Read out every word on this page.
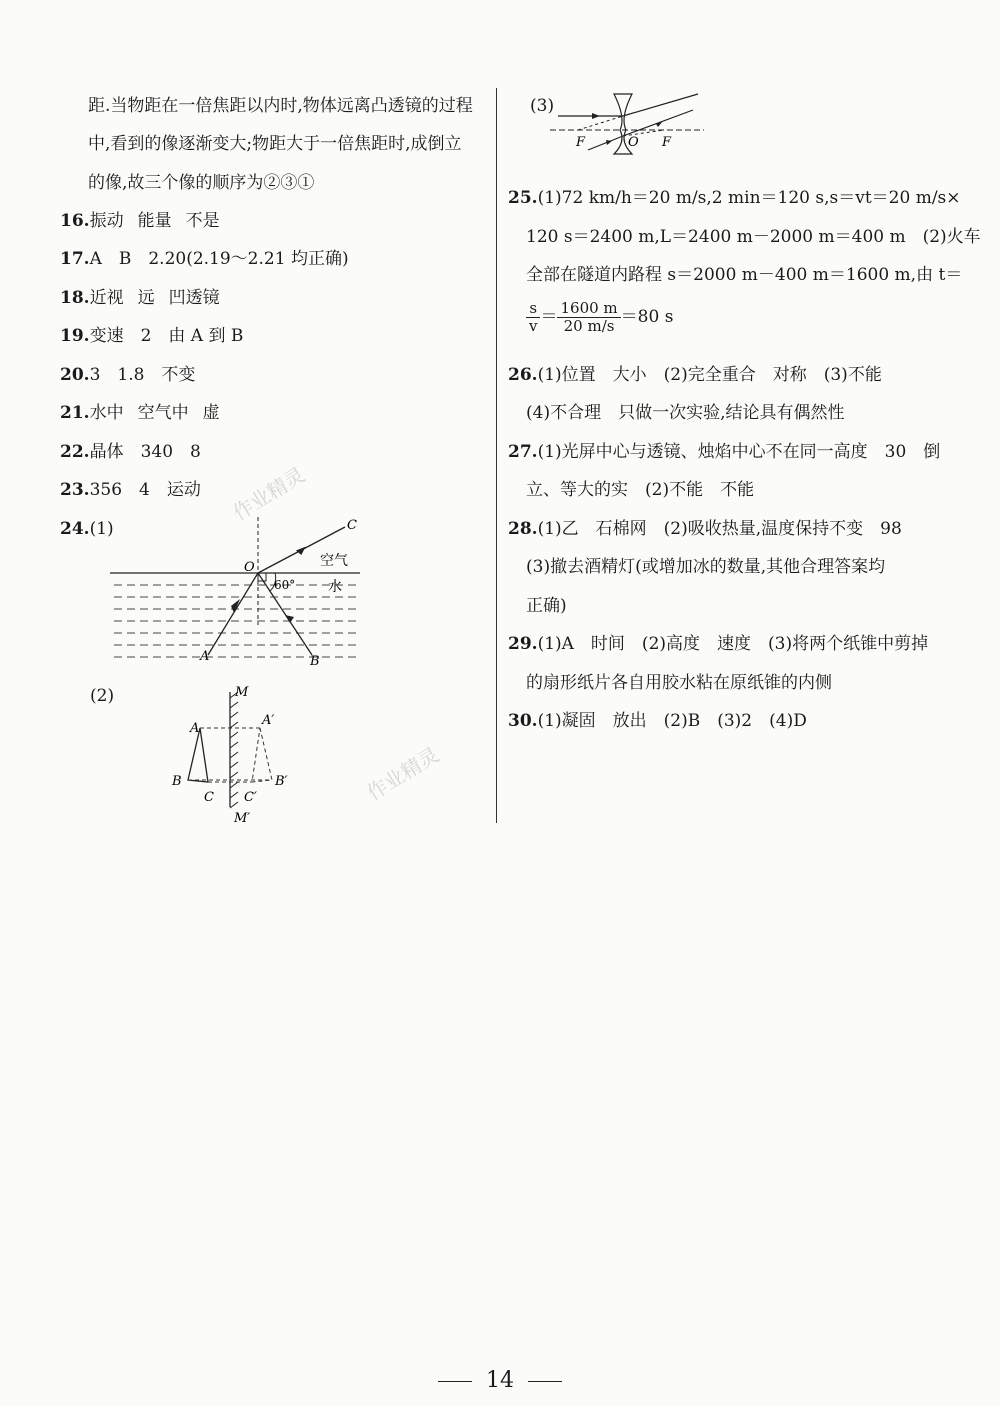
距.当物距在一倍焦距以内时,物体远离凸透镜的过程
中,看到的像逐渐变大;物距大于一倍焦距时,成倒立
的像,故三个像的顺序为②③①
16.振动 能量 不是
17.A　B　2.20(2.19～2.21 均正确)
18.近视 远 凹透镜
19.变速　2　由 A 到 B
20.3　1.8　不变
21.水中 空气中 虚
22.晶体　340　8
23.356　4　运动
24.(1)	C
O	空气
水
60°
A	B
(2)	M
M′
A
B
C
A′
B′
C′
(3)
F	O F
25.(1)72 km/h＝20 m/s,2 min＝120 s,s＝vt＝20 m/s×
120 s＝2400 m,L＝2400 m－2000 m＝400 m　(2)火车
全部在隧道内路程 s＝2000 m－400 m＝1600 m,由 t＝
$\frac{s}{v} = \frac{1600 m}{20 m/s} =80$ s
26.(1)位置　大小　(2)完全重合　对称　(3)不能
(4)不合理　只做一次实验,结论具有偶然性
27.(1)光屏中心与透镜、烛焰中心不在同一高度　30　倒
立、等大的实　(2)不能　不能
28.(1)乙　石棉网　(2)吸收热量,温度保持不变　98
(3)撤去酒精灯(或增加冰的数量,其他合理答案均
正确)
29.(1)A　时间　(2)高度　速度　(3)将两个纸锥中剪掉
的扇形纸片各自用胶水粘在原纸锥的内侧
30.(1)凝固　放出　(2)B　(3)2　(4)D
作业精灵
作业精灵
14
